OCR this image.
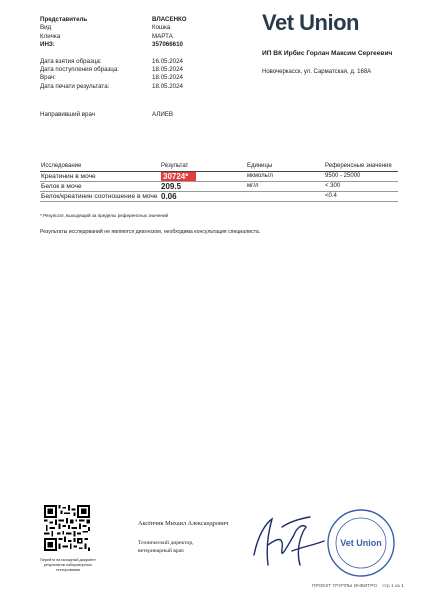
Представитель	ВЛАСЕНКО
Вид	Кошка
Кличка	МАРТА
ИНЗ:	357066610
Дата взятия образца:	16.05.2024
Дата поступления образца:	18.05.2024
Врач:	18.05.2024
Дата печати результата:	18.05.2024
Vet Union
ИП ВК Ирбис Горлач Максим Сергеевич
Новочеркасск, ул. Сарматская, д. 168А
Направивший врач	АЛИЕВ
Исследование	Результат	Единицы	Референсные значения
Креатинин в моче	30724*	мкмоль/л	9500 - 25000
Белок в моче	209.5	мг/л	< 300
Белок/креатинин соотношение в моче	0.06		<0.4
* Результат, выходящий за пределы референсных значений
Результаты исследований не являются диагнозом, необходима консультация специалиста.
Перейти на исходный документ результатов лабораторного тестирования
Аксёнчик Михаил Александрович
Технический директор, ветеринарный врач
Vet Union
ПРОЕКТ ГРУППЫ ИНВИТРО стр 1 из 1
